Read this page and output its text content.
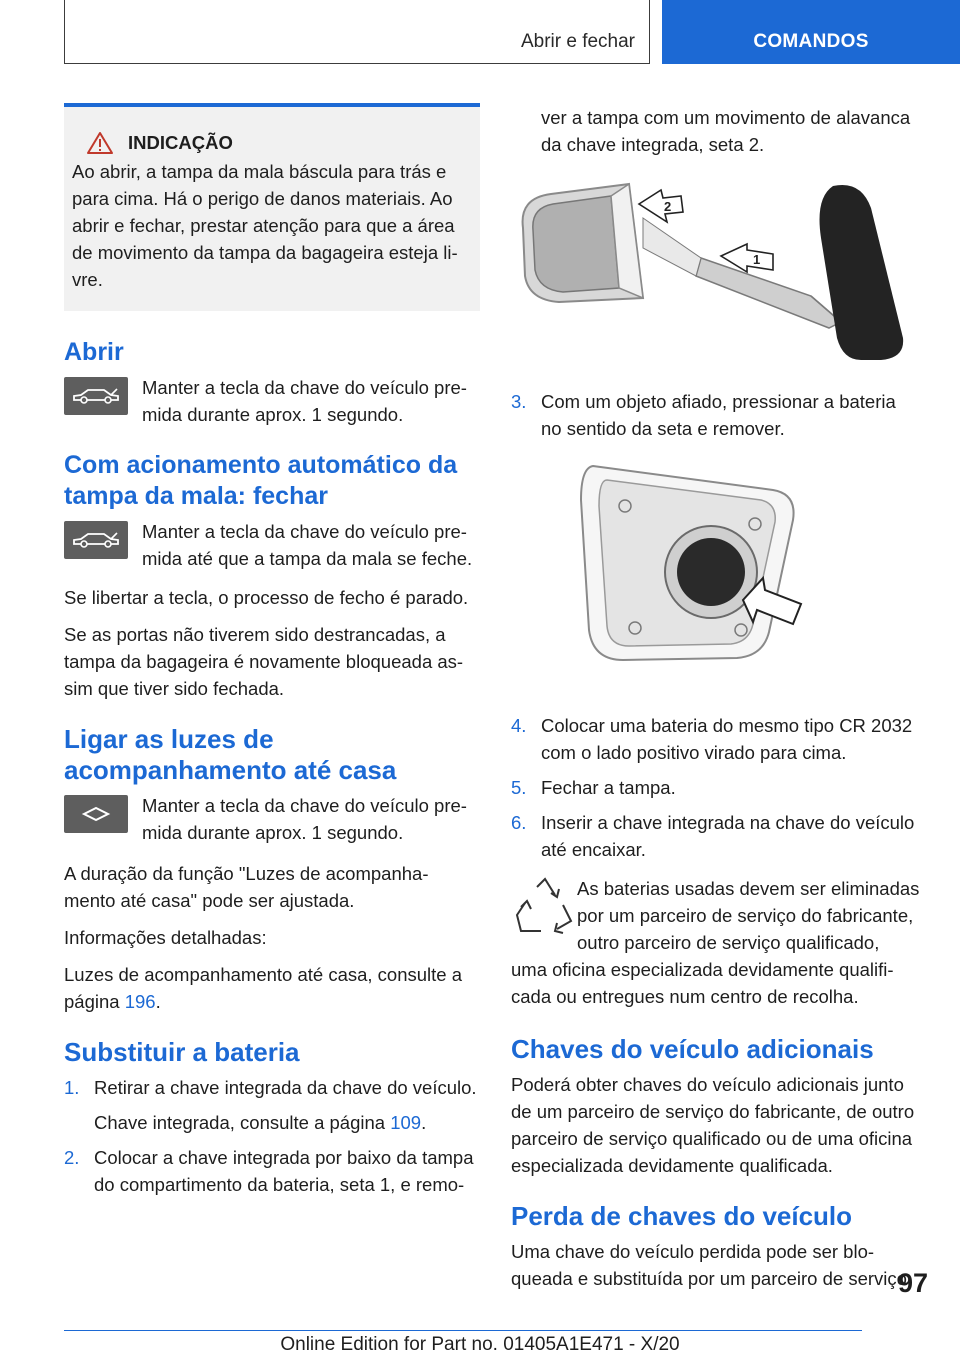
Abrir e fechar	COMANDOS
INDICAÇÃO
Ao abrir, a tampa da mala báscula para trás e
para cima. Há o perigo de danos materiais. Ao
abrir e fechar, prestar atenção para que a área
de movimento da tampa da bagageira esteja li-
vre.
Abrir
Manter a tecla da chave do veículo pre-
mida durante aprox. 1 segundo.
Com acionamento automático da
tampa da mala: fechar
Manter a tecla da chave do veículo pre-
mida até que a tampa da mala se feche.

Se libertar a tecla, o processo de fecho é parado.

Se as portas não tiverem sido destrancadas, a
tampa da bagageira é novamente bloqueada as-
sim que tiver sido fechada.

Ligar as luzes de
acompanhamento até casa
Manter a tecla da chave do veículo pre-
mida durante aprox. 1 segundo.

A duração da função "Luzes de acompanha-
mento até casa" pode ser ajustada.

Informações detalhadas:

Luzes de acompanhamento até casa, consulte a
página 196.

Substituir a bateria
1. Retirar a chave integrada da chave do veículo.
Chave integrada, consulte a página 109.
2. Colocar a chave integrada por baixo da tampa
do compartimento da bateria, seta 1, e remo-
ver a tampa com um movimento de alavanca
da chave integrada, seta 2.
2
1
3. Com um objeto afiado, pressionar a bateria
no sentido da seta e remover.
4. Colocar uma bateria do mesmo tipo CR 2032
com o lado positivo virado para cima.
5. Fechar a tampa.
6. Inserir a chave integrada na chave do veículo
até encaixar.
As baterias usadas devem ser eliminadas
por um parceiro de serviço do fabricante,
outro parceiro de serviço qualificado,

uma oficina especializada devidamente qualifi-
cada ou entregues num centro de recolha.

Chaves do veículo adicionais

Poderá obter chaves do veículo adicionais junto
de um parceiro de serviço do fabricante, de outro
parceiro de serviço qualificado ou de uma oficina
especializada devidamente qualificada.

Perda de chaves do veículo

Uma chave do veículo perdida pode ser blo-
queada e substituída por um parceiro de serviço

97
Online Edition for Part no. 01405A1E471 - X/20
